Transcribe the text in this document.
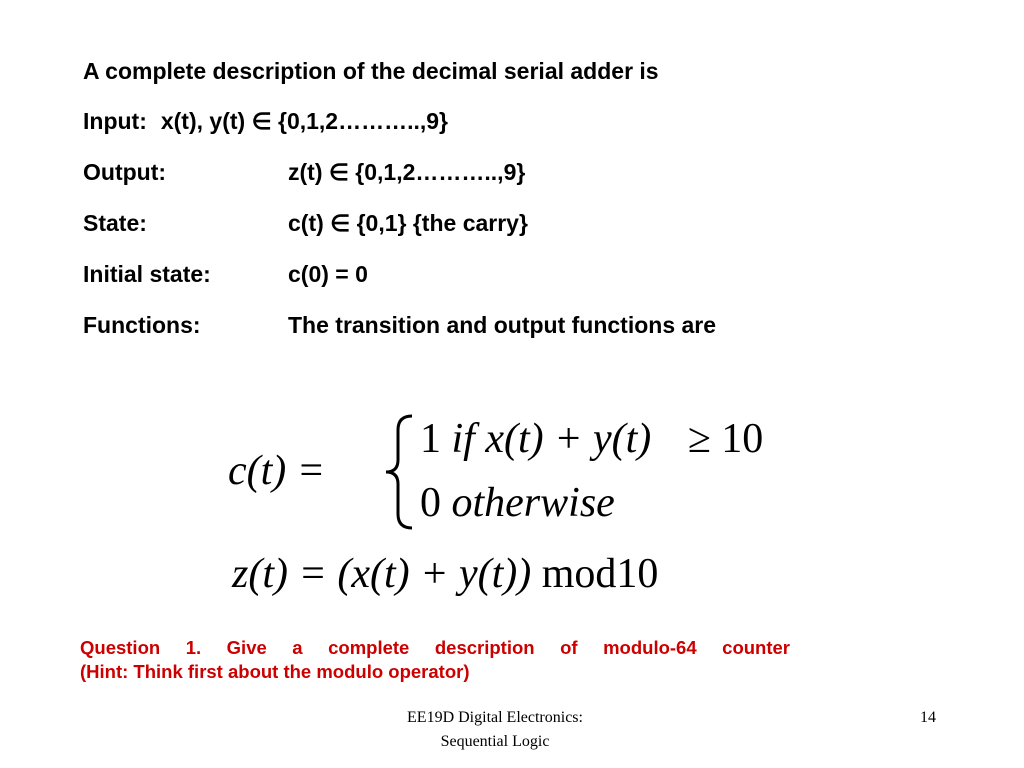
A complete description of the decimal serial adder is
Input: x(t), y(t) ∈ {0,1,2………..,9}
Output:	z(t) ∈ {0,1,2………..,9}
State:	c(t) ∈ {0,1} {the carry}
Initial state:	c(0) = 0
Functions:	The transition and output functions are
c(t) =
1 if x(t) + y(t) ≥ 10
0 otherwise
z(t) = (x(t) + y(t)) mod10
Question 1. Give a complete description of modulo-64 counter
(Hint: Think first about the modulo operator)
EE19D Digital Electronics:
Sequential Logic
14
